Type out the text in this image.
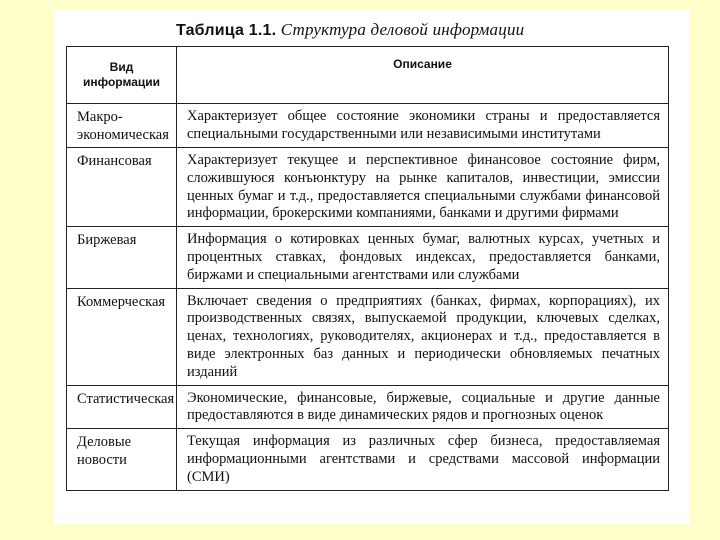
Таблица 1.1. Структура деловой информации
Вид информации	Описание
Макро-экономическая	Характеризует общее состояние экономики страны и предоставляется специальными государственными или независимыми институтами
Финансовая	Характеризует текущее и перспективное финансовое состояние фирм, сложившуюся конъюнктуру на рынке капиталов, инвестиции, эмиссии ценных бумаг и т.д., предоставляется специальными службами финансовой информации, брокерскими компаниями, банками и другими фирмами
Биржевая	Информация о котировках ценных бумаг, валютных курсах, учетных и процентных ставках, фондовых индексах, предоставляется банками, биржами и специальными агентствами или службами
Коммерческая	Включает сведения о предприятиях (банках, фирмах, корпорациях), их производственных связях, выпускаемой продукции, ключевых сделках, ценах, технологиях, руководителях, акционерах и т.д., предоставляется в виде электронных баз данных и периодически обновляемых печатных изданий
Статистическая	Экономические, финансовые, биржевые, социальные и другие данные предоставляются в виде динамических рядов и прогнозных оценок
Деловые новости	Текущая информация из различных сфер бизнеса, предоставляемая информационными агентствами и средствами массовой информации (СМИ)
